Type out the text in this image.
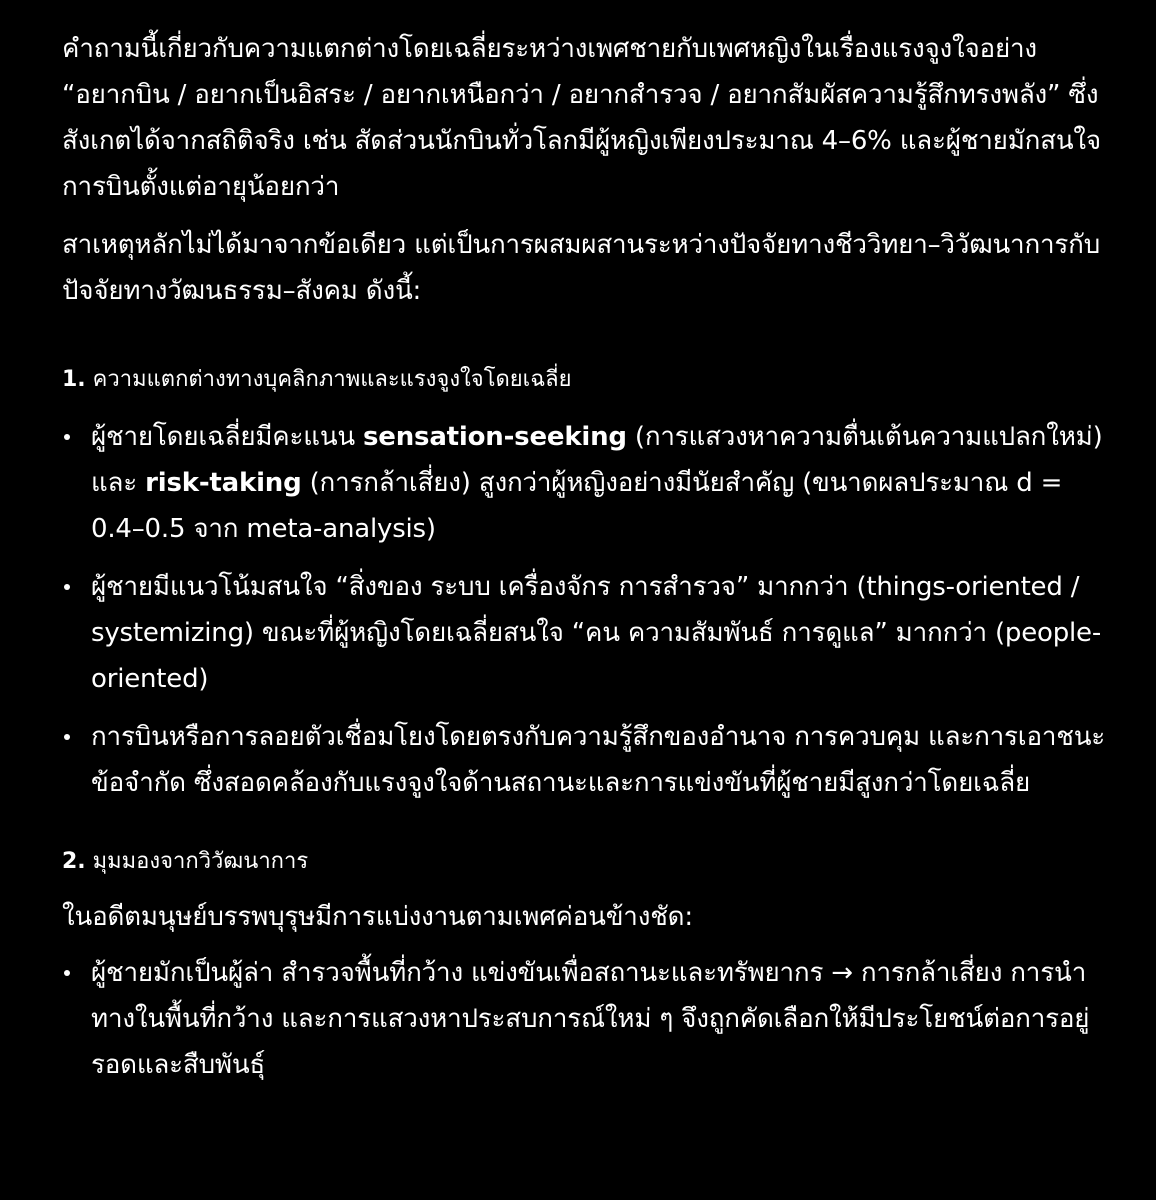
คำถามนี้เกี่ยวกับความแตกต่างโดยเฉลี่ยระหว่างเพศชายกับเพศหญิงในเรื่องแรงจูงใจอย่าง “อยากบิน / อยากเป็นอิสระ / อยากเหนือกว่า / อยากสำรวจ / อยากสัมผัสความรู้สึกทรงพลัง” ซึ่งสังเกตได้จากสถิติจริง เช่น สัดส่วนนักบินทั่วโลกมีผู้หญิงเพียงประมาณ 4–6% และผู้ชายมักสนใจการบินตั้งแต่อายุน้อยกว่า

สาเหตุหลักไม่ได้มาจากข้อเดียว แต่เป็นการผสมผสานระหว่างปัจจัยทางชีววิทยา–วิวัฒนาการกับปัจจัยทางวัฒนธรรม–สังคม ดังนี้:

1. ความแตกต่างทางบุคลิกภาพและแรงจูงใจโดยเฉลี่ย
ผู้ชายโดยเฉลี่ยมีคะแนน sensation-seeking (การแสวงหาความตื่นเต้นความแปลกใหม่) และ risk-taking (การกล้าเสี่ยง) สูงกว่าผู้หญิงอย่างมีนัยสำคัญ (ขนาดผลประมาณ d = 0.4–0.5 จาก meta-analysis)
ผู้ชายมีแนวโน้มสนใจ “สิ่งของ ระบบ เครื่องจักร การสำรวจ” มากกว่า (things-oriented / systemizing) ขณะที่ผู้หญิงโดยเฉลี่ยสนใจ “คน ความสัมพันธ์ การดูแล” มากกว่า (people-oriented)
การบินหรือการลอยตัวเชื่อมโยงโดยตรงกับความรู้สึกของอำนาจ การควบคุม และการเอาชนะข้อจำกัด ซึ่งสอดคล้องกับแรงจูงใจด้านสถานะและการแข่งขันที่ผู้ชายมีสูงกว่าโดยเฉลี่ย
2. มุมมองจากวิวัฒนาการ

ในอดีตมนุษย์บรรพบุรุษมีการแบ่งงานตามเพศค่อนข้างชัด:

ผู้ชายมักเป็นผู้ล่า สำรวจพื้นที่กว้าง แข่งขันเพื่อสถานะและทรัพยากร → การกล้าเสี่ยง การนำทางในพื้นที่กว้าง และการแสวงหาประสบการณ์ใหม่ ๆ จึงถูกคัดเลือกให้มีประโยชน์ต่อการอยู่รอดและสืบพันธุ์
